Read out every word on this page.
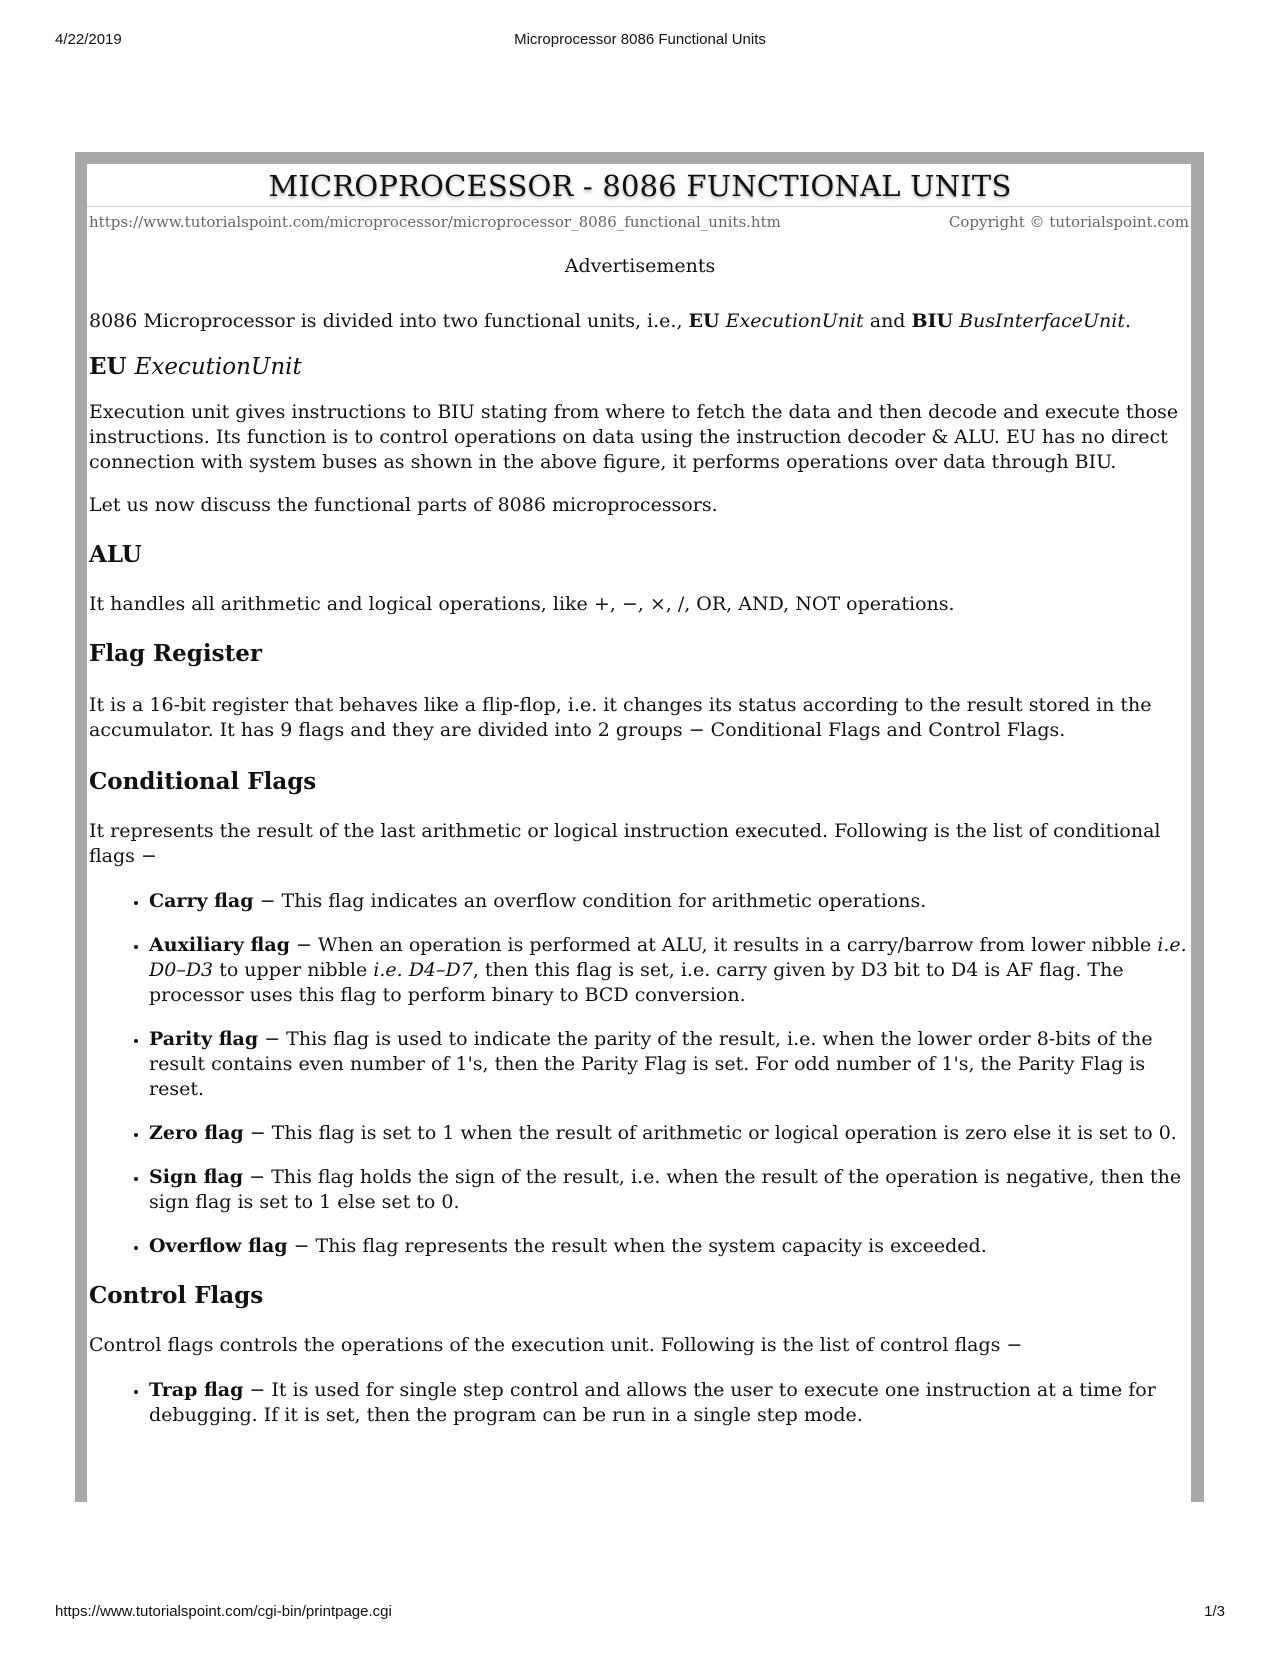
4/22/2019	Microprocessor 8086 Functional Units
MICROPROCESSOR - 8086 FUNCTIONAL UNITS
https://www.tutorialspoint.com/microprocessor/microprocessor_8086_functional_units.htm	Copyright © tutorialspoint.com
Advertisements

8086 Microprocessor is divided into two functional units, i.e., EU ExecutionUnit and BIU BusInterfaceUnit.

EU ExecutionUnit

Execution unit gives instructions to BIU stating from where to fetch the data and then decode and execute those instructions. Its function is to control operations on data using the instruction decoder & ALU. EU has no direct connection with system buses as shown in the above figure, it performs operations over data through BIU.

Let us now discuss the functional parts of 8086 microprocessors.

ALU

It handles all arithmetic and logical operations, like +, −, ×, /, OR, AND, NOT operations.

Flag Register

It is a 16-bit register that behaves like a flip-flop, i.e. it changes its status according to the result stored in the accumulator. It has 9 flags and they are divided into 2 groups − Conditional Flags and Control Flags.

Conditional Flags

It represents the result of the last arithmetic or logical instruction executed. Following is the list of conditional flags −

• Carry flag − This flag indicates an overflow condition for arithmetic operations.
• Auxiliary flag − When an operation is performed at ALU, it results in a carry/barrow from lower nibble i.e. D0–D3 to upper nibble i.e. D4–D7, then this flag is set, i.e. carry given by D3 bit to D4 is AF flag. The processor uses this flag to perform binary to BCD conversion.
• Parity flag − This flag is used to indicate the parity of the result, i.e. when the lower order 8-bits of the result contains even number of 1's, then the Parity Flag is set. For odd number of 1's, the Parity Flag is reset.
• Zero flag − This flag is set to 1 when the result of arithmetic or logical operation is zero else it is set to 0.
• Sign flag − This flag holds the sign of the result, i.e. when the result of the operation is negative, then the sign flag is set to 1 else set to 0.
• Overflow flag − This flag represents the result when the system capacity is exceeded.
Control Flags

Control flags controls the operations of the execution unit. Following is the list of control flags −

• Trap flag − It is used for single step control and allows the user to execute one instruction at a time for debugging. If it is set, then the program can be run in a single step mode.
https://www.tutorialspoint.com/cgi-bin/printpage.cgi	1/3
